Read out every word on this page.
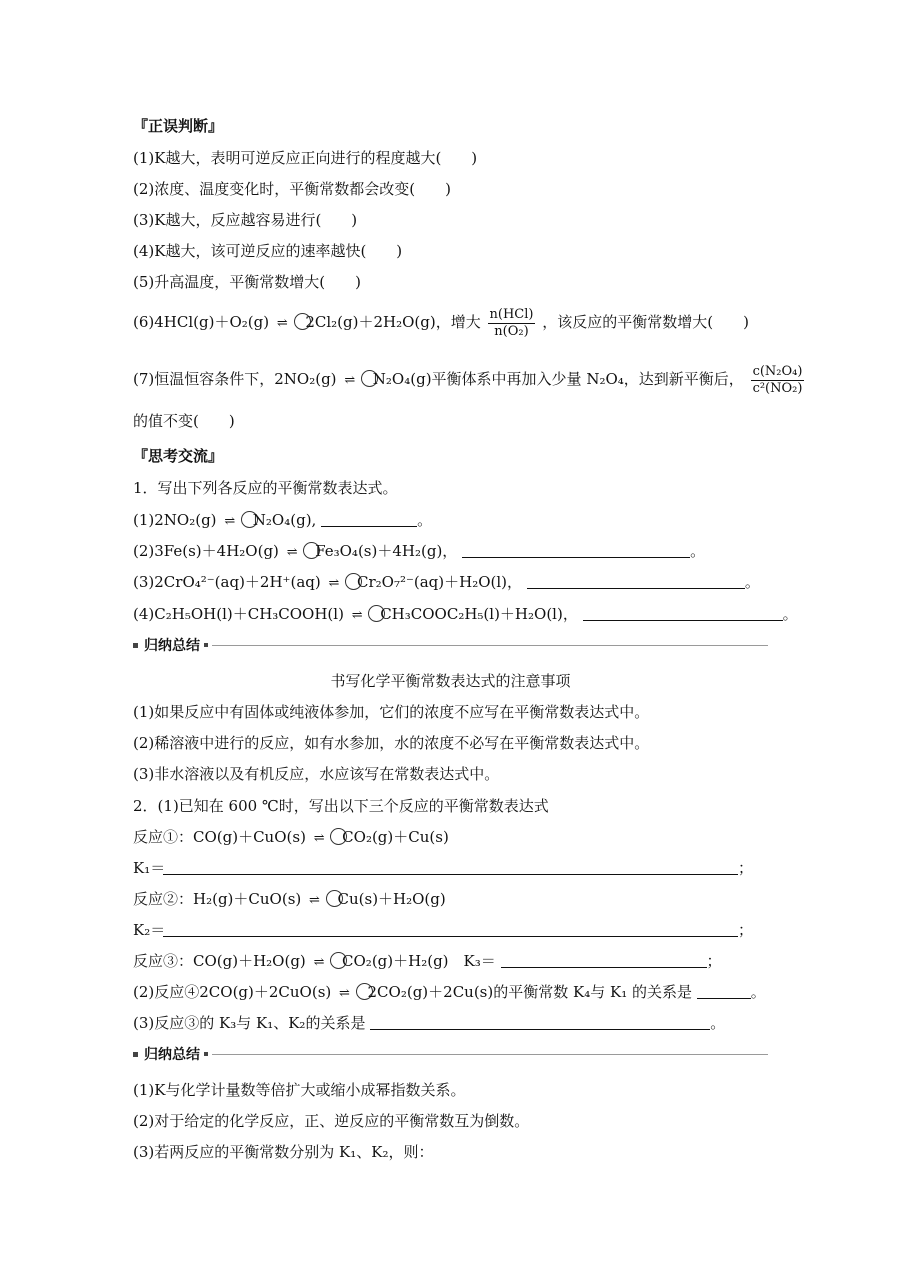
『正误判断』
(1)K越大，表明可逆反应正向进行的程度越大(　　)
(2)浓度、温度变化时，平衡常数都会改变(　　)
(3)K越大，反应越容易进行(　　)
(4)K越大，该可逆反应的速率越快(　　)
(5)升高温度，平衡常数增大(　　)
(6)4HCl(g)＋O₂(g) ⇌ 2Cl₂(g)＋2H₂O(g)，增大 $\frac{\text{n(HCl)}}{\text{n(O₂)}}$ ，该反应的平衡常数增大(　　)
(7)恒温恒容条件下，2NO₂(g) ⇌ N₂O₄(g)平衡体系中再加入少量 N₂O₄，达到新平衡后， $\frac{\text{c(N₂O₄)}}{\text{c²(NO₂)}}$
的值不变(　　)
『思考交流』
1．写出下列各反应的平衡常数表达式。
(1)2NO₂(g) ⇌ N₂O₄(g),	。
(2)3Fe(s)＋4H₂O(g) ⇌ Fe₃O₄(s)＋4H₂(g)，	。
(3)2CrO₄²⁻(aq)＋2H⁺(aq) ⇌ Cr₂O₇²⁻(aq)＋H₂O(l)，	。
(4)C₂H₅OH(l)＋CH₃COOH(l) ⇌ CH₃COOC₂H₅(l)＋H₂O(l)，	。
归纳总结
书写化学平衡常数表达式的注意事项
(1)如果反应中有固体或纯液体参加，它们的浓度不应写在平衡常数表达式中。
(2)稀溶液中进行的反应，如有水参加，水的浓度不必写在平衡常数表达式中。
(3)非水溶液以及有机反应，水应该写在常数表达式中。
2．(1)已知在 600 ℃时，写出以下三个反应的平衡常数表达式
反应①：CO(g)＋CuO(s) ⇌ CO₂(g)＋Cu(s)
K₁＝	；
反应②：H₂(g)＋CuO(s) ⇌ Cu(s)＋H₂O(g)
K₂＝	；
反应③：CO(g)＋H₂O(g) ⇌ CO₂(g)＋H₂(g)　K₃＝	；
(2)反应④2CO(g)＋2CuO(s) ⇌ 2CO₂(g)＋2Cu(s)的平衡常数 K₄与 K₁ 的关系是	。
(3)反应③的 K₃与 K₁、K₂的关系是	。
归纳总结
(1)K与化学计量数等倍扩大或缩小成幂指数关系。
(2)对于给定的化学反应，正、逆反应的平衡常数互为倒数。
(3)若两反应的平衡常数分别为 K₁、K₂，则：
